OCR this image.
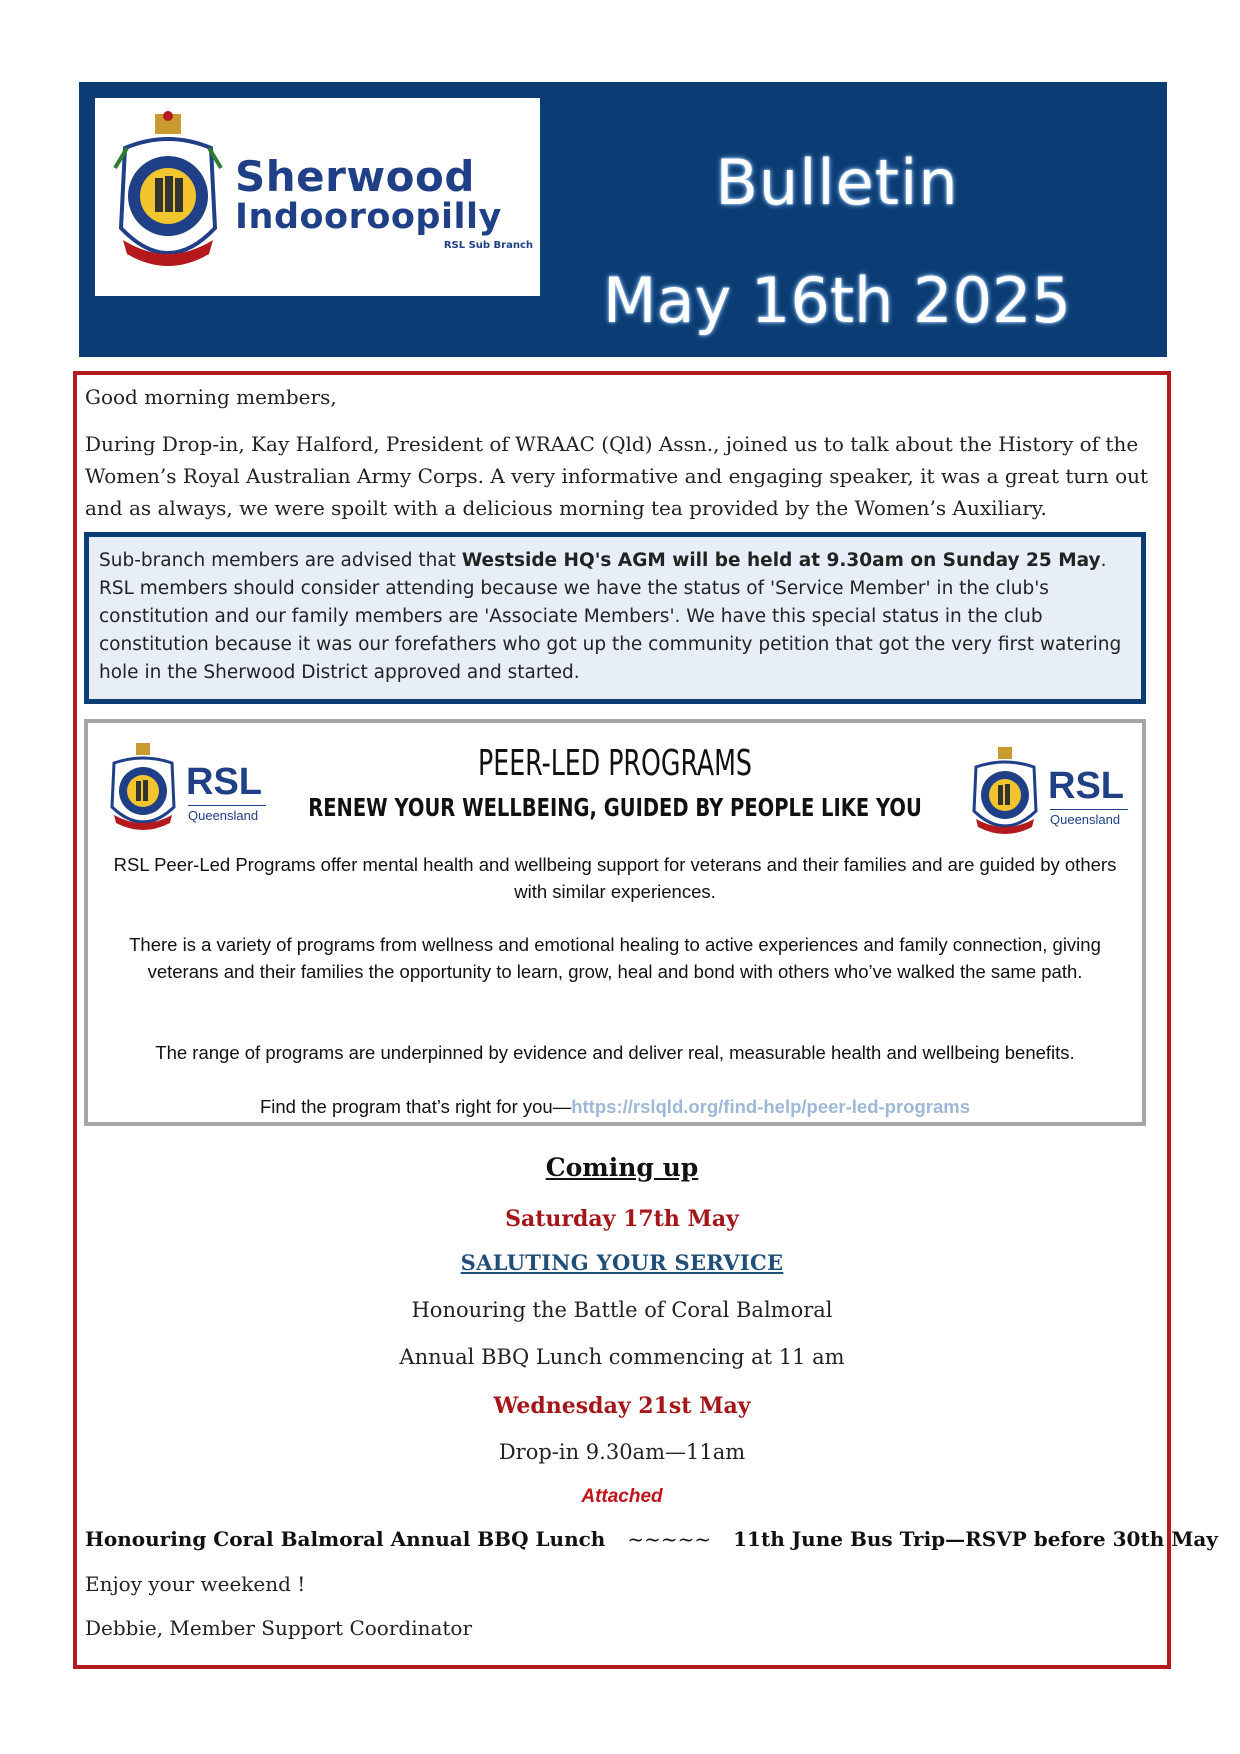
Sherwood
Indooroopilly
RSL Sub Branch
Bulletin
May 16th 2025
Good morning members,
During Drop-in, Kay Halford, President of WRAAC (Qld) Assn., joined us to talk about the History of the Women’s Royal Australian Army Corps. A very informative and engaging speaker, it was a great turn out and as always, we were spoilt with a delicious morning tea provided by the Women’s Auxiliary.
Sub-branch members are advised that Westside HQ's AGM will be held at 9.30am on Sunday 25 May. RSL members should consider attending because we have the status of 'Service Member' in the club's constitution and our family members are 'Associate Members'. We have this special status in the club constitution because it was our forefathers who got up the community petition that got the very first watering hole in the Sherwood District approved and started.
RSL
Queensland
RSL
Queensland
PEER-LED PROGRAMS
RENEW YOUR WELLBEING, GUIDED BY PEOPLE LIKE YOU
RSL Peer-Led Programs offer mental health and wellbeing support for veterans and their families and are guided by others with similar experiences.
There is a variety of programs from wellness and emotional healing to active experiences and family connection, giving veterans and their families the opportunity to learn, grow, heal and bond with others who’ve walked the same path.
The range of programs are underpinned by evidence and deliver real, measurable health and wellbeing benefits.
Find the program that’s right for you—https://rslqld.org/find-help/peer-led-programs
Coming up
Saturday 17th May
SALUTING YOUR SERVICE
Honouring the Battle of Coral Balmoral
Annual BBQ Lunch commencing at 11 am
Wednesday 21st May
Drop-in 9.30am—11am
Attached
Honouring Coral Balmoral Annual BBQ Lunch ~~~~~ 11th June Bus Trip—RSVP before 30th May
Enjoy your weekend !
Debbie, Member Support Coordinator
